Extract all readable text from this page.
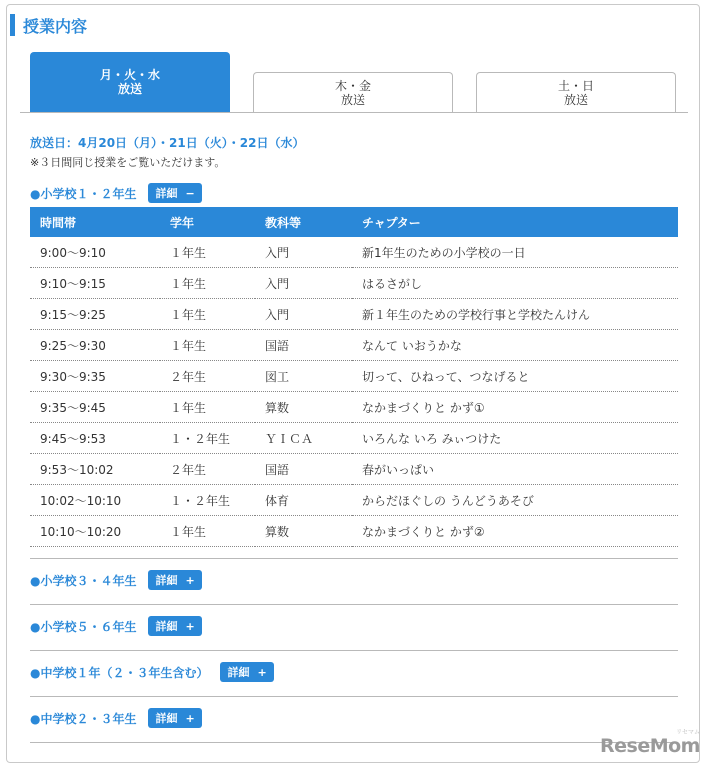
授業内容
月・火・水
放送	木・金
放送
土・日
放送
放送日：4月20日（月）・21日（火）・22日（水）
※３日間同じ授業をご覧いただけます。
●小学校１・２年生 詳細 −
時間帯	学年	教科等	チャプター
9:00〜9:10	１年生	入門	新1年生のための小学校の一日
9:10〜9:15	１年生	入門	はるさがし
9:15〜9:25	１年生	入門	新１年生のための学校行事と学校たんけん
9:25〜9:30	１年生	国語	なんて いおうかな
9:30〜9:35	２年生	図工	切って、ひねって、つなげると
9:35〜9:45	１年生	算数	なかまづくりと かず①
9:45〜9:53	１・２年生	ＹＩＣＡ	いろんな いろ みぃつけた
9:53〜10:02	２年生	国語	春がいっぱい
10:02〜10:10	１・２年生	体育	からだほぐしの うんどうあそび
10:10〜10:20	１年生	算数	なかまづくりと かず②
●小学校３・４年生 詳細 +
●小学校５・６年生 詳細 +
●中学校１年（２・３年生含む） 詳細 +
●中学校２・３年生 詳細 +
ReseMom
リセマム
